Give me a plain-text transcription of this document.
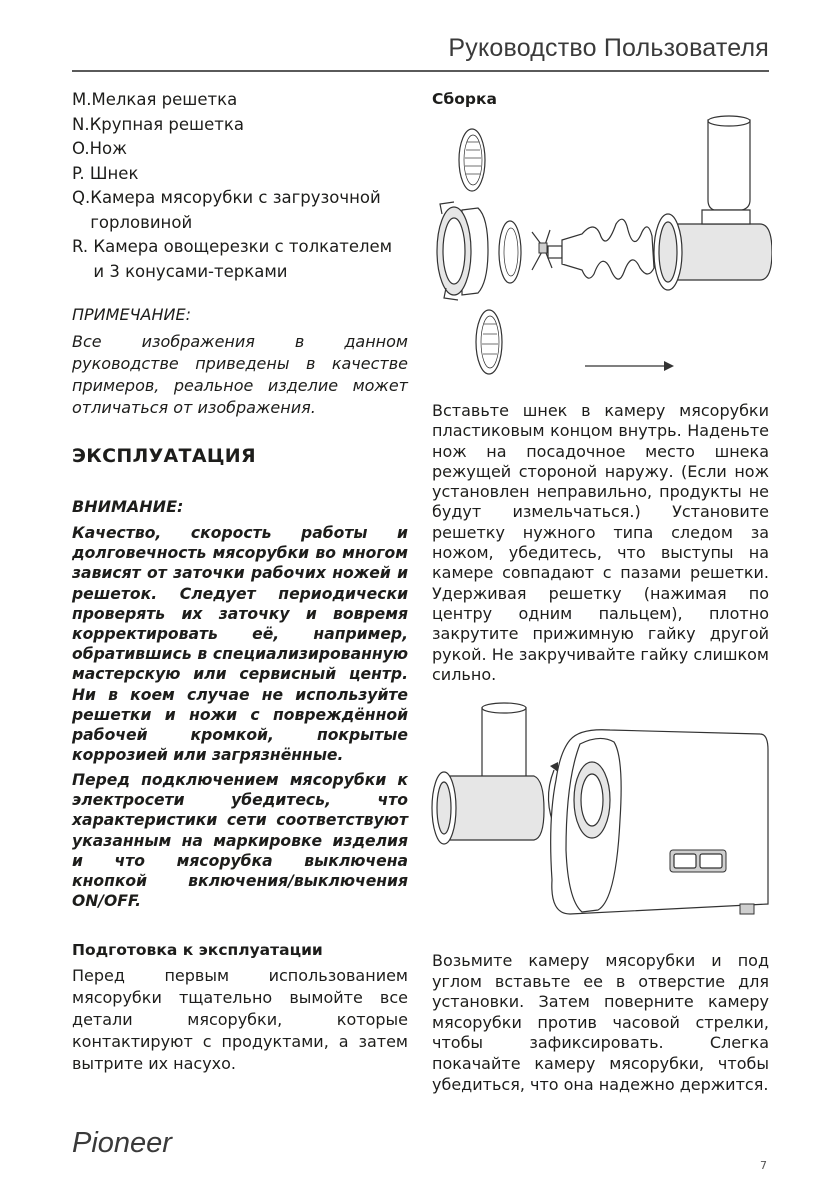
Руководство Пользователя
M. Мелкая решетка
N. Крупная решетка
O. Нож
P. Шнек
Q. Камера мясорубки с загрузочной горловиной
R. Камера овощерезки с толкателем и 3 конусами-терками
ПРИМЕЧАНИЕ:
Все изображения в данном руководстве приведены в качестве примеров, реальное изделие может отличаться от изображения.
ЭКСПЛУАТАЦИЯ
ВНИМАНИЕ:
Качество, скорость работы и долговечность мясорубки во многом зависят от заточки рабочих ножей и решеток. Следует периодически проверять их заточку и вовремя корректировать её, например, обратившись в специализированную мастерскую или сервисный центр. Ни в коем случае не используйте решетки и ножи с повреждённой рабочей кромкой, покрытые коррозией или загрязнённые.
Перед подключением мясорубки к электросети убедитесь, что характеристики сети соответствуют указанным на маркировке изделия и что мясорубка выключена кнопкой включения/выключения ON/OFF.
Подготовка к эксплуатации
Перед первым использованием мясорубки тщательно вымойте все детали мясорубки, которые контактируют с продуктами, а затем вытрите их насухо.
Сборка
Вставьте шнек в камеру мясорубки пластиковым концом внутрь. Наденьте нож на посадочное место шнека режущей стороной наружу. (Если нож установлен неправильно, продукты не будут измельчаться.) Установите решетку нужного типа следом за ножом, убедитесь, что выступы на камере совпадают с пазами решетки. Удерживая решетку (нажимая по центру одним пальцем), плотно закрутите прижимную гайку другой рукой. Не закручивайте гайку слишком сильно.
Возьмите камеру мясорубки и под углом вставьте ее в отверстие для установки. Затем поверните камеру мясорубки против часовой стрелки, чтобы зафиксировать. Слегка покачайте камеру мясорубки, чтобы убедиться, что она надежно держится.
Pioneer
7
